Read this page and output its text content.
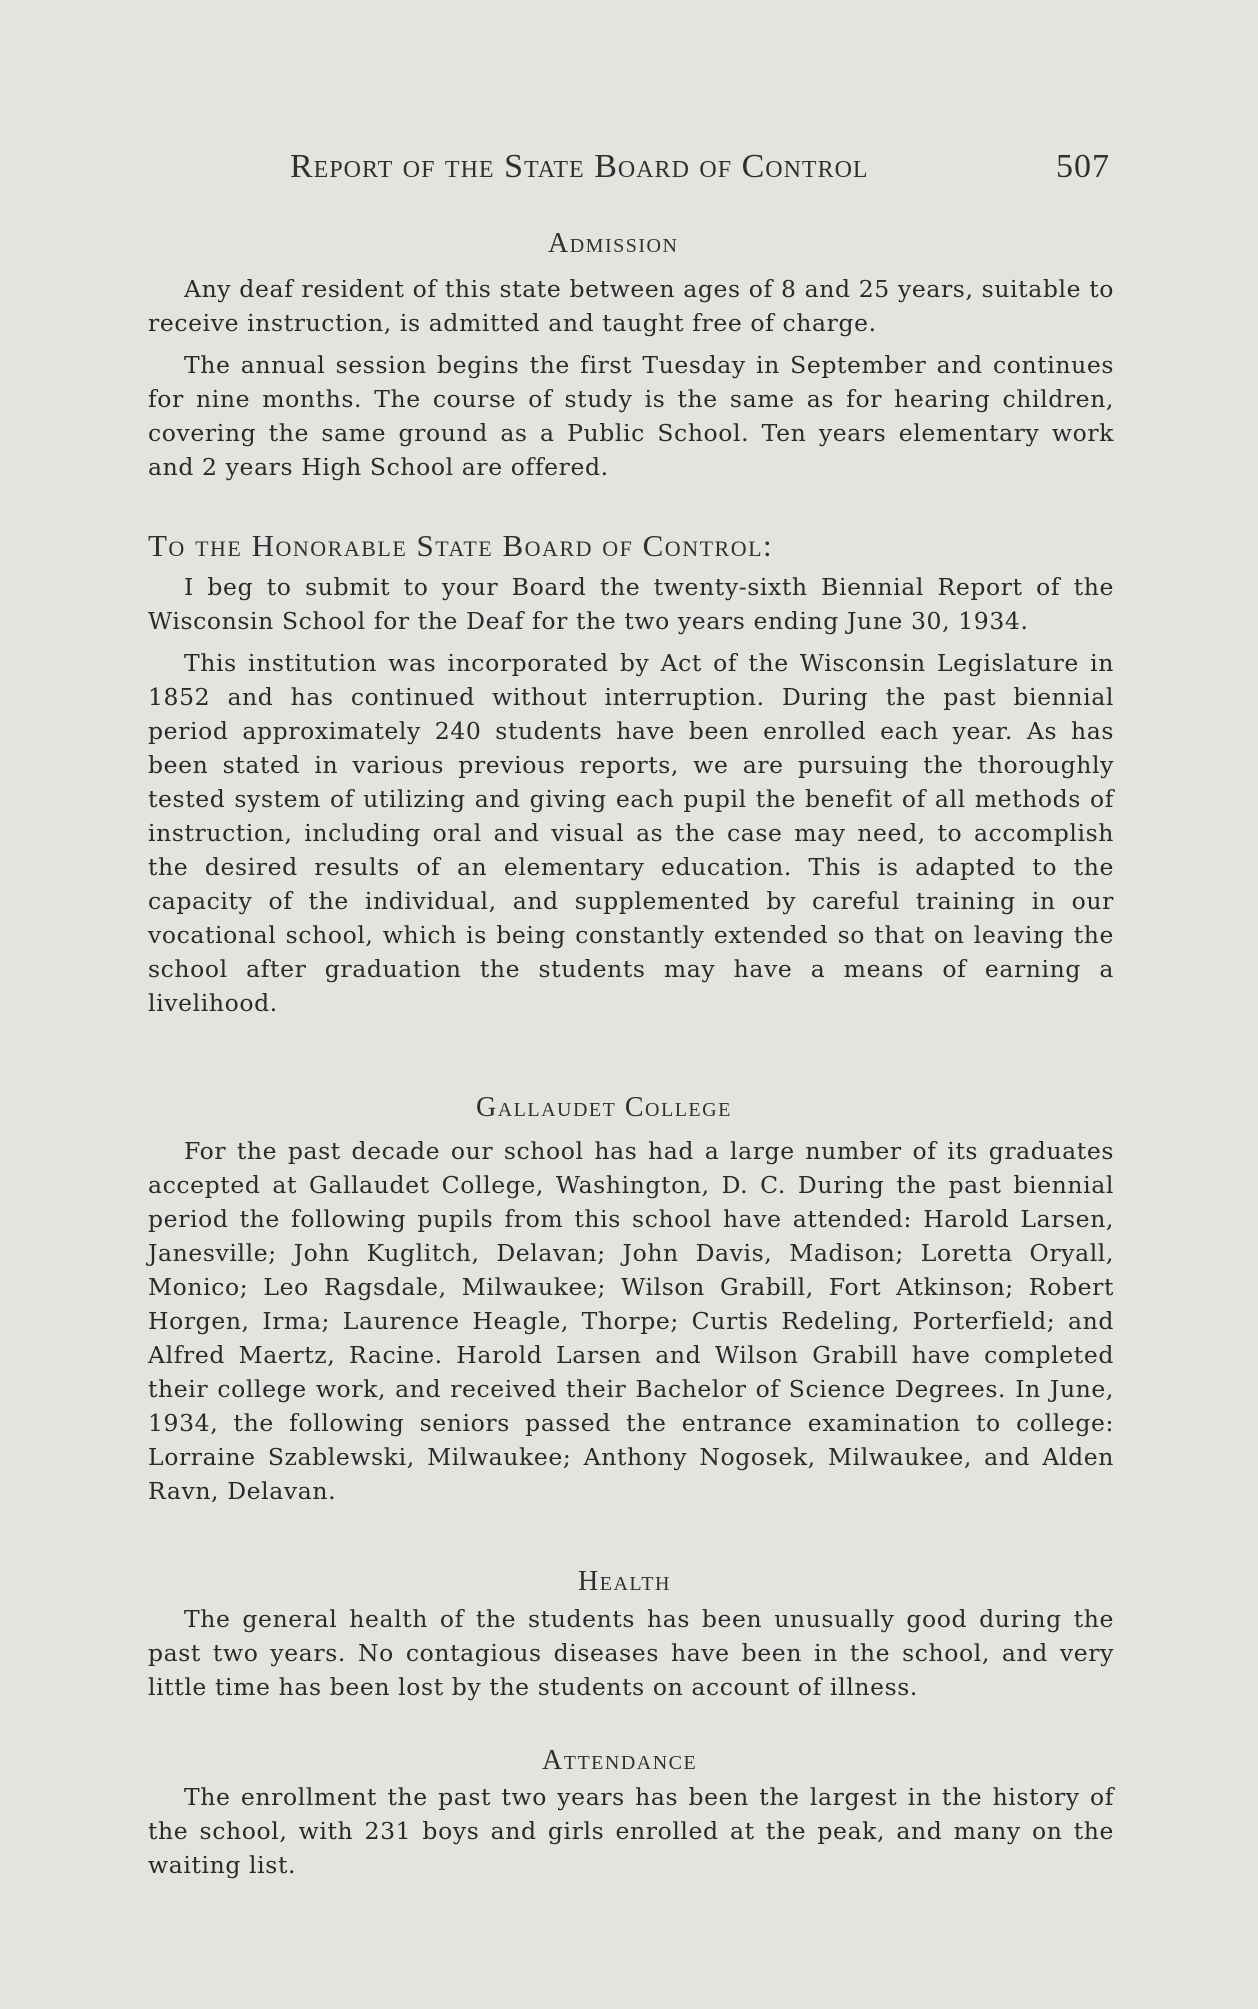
Report of the State Board of Control	507
Admission

Any deaf resident of this state between ages of 8 and 25 years, suitable to receive instruction, is admitted and taught free of charge.

The annual session begins the first Tuesday in September and continues for nine months. The course of study is the same as for hearing children, covering the same ground as a Public School. Ten years elementary work and 2 years High School are offered.

To the Honorable State Board of Control:

I beg to submit to your Board the twenty-sixth Biennial Report of the Wisconsin School for the Deaf for the two years ending June 30, 1934.

This institution was incorporated by Act of the Wisconsin Legislature in 1852 and has continued without interruption. During the past biennial period approximately 240 students have been enrolled each year. As has been stated in various previous reports, we are pursuing the thoroughly tested system of utilizing and giving each pupil the benefit of all methods of instruction, including oral and visual as the case may need, to accomplish the desired results of an elementary education. This is adapted to the capacity of the individual, and supplemented by careful training in our vocational school, which is being constantly extended so that on leaving the school after graduation the students may have a means of earning a livelihood.

Gallaudet College

For the past decade our school has had a large number of its graduates accepted at Gallaudet College, Washington, D. C. During the past biennial period the following pupils from this school have attended: Harold Larsen, Janesville; John Kuglitch, Delavan; John Davis, Madison; Loretta Oryall, Monico; Leo Ragsdale, Milwaukee; Wilson Grabill, Fort Atkinson; Robert Horgen, Irma; Laurence Heagle, Thorpe; Curtis Redeling, Porterfield; and Alfred Maertz, Racine. Harold Larsen and Wilson Grabill have completed their college work, and received their Bachelor of Science Degrees. In June, 1934, the following seniors passed the entrance examination to college: Lorraine Szablewski, Milwaukee; Anthony Nogosek, Milwaukee, and Alden Ravn, Delavan.

Health

The general health of the students has been unusually good during the past two years. No contagious diseases have been in the school, and very little time has been lost by the students on account of illness.

Attendance

The enrollment the past two years has been the largest in the history of the school, with 231 boys and girls enrolled at the peak, and many on the waiting list.
